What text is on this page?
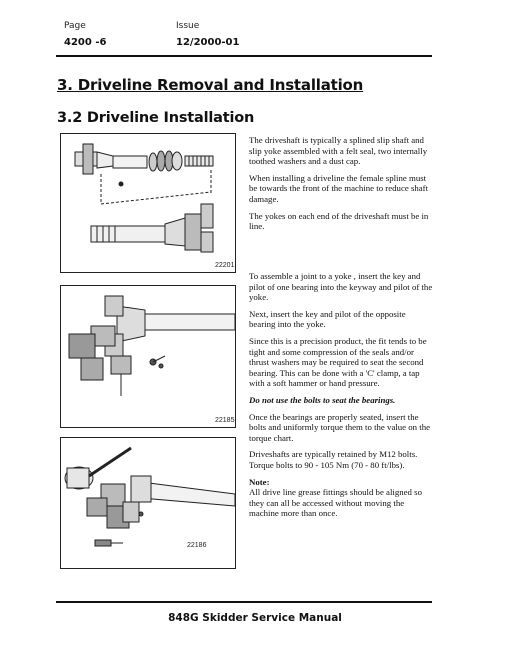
Page
4200 -6
Issue
12/2000-01
3. Driveline Removal and Installation
3.2 Driveline Installation
22201
22185
22186

The driveshaft is typically a splined slip shaft and slip yoke assembled with a felt seal, two internally toothed washers and a dust cap.

When installing a driveline the female spline must be towards the front of the machine to reduce shaft damage.

The yokes on each end of the driveshaft must be in line.

To assemble a joint to a yoke , insert the key and pilot of one bearing into the keyway and pilot of the yoke.

Next, insert the key and pilot of the opposite bearing into the yoke.

Since this is a precision product, the fit tends to be tight and some compression of the seals and/or thrust washers may be required to seat the second bearing. This can be done with a 'C' clamp, a tap with a soft hammer or hand pressure.

Do not use the bolts to seat the bearings.

Once the bearings are properly seated, insert the bolts and uniformly torque them to the value on the torque chart.

Driveshafts are typically retained by M12 bolts. Torque bolts to 90 - 105 Nm (70 - 80 ft/lbs).

Note:

All drive line grease fittings should be aligned so they can all be accessed without moving the machine more than once.

848G Skidder Service Manual
